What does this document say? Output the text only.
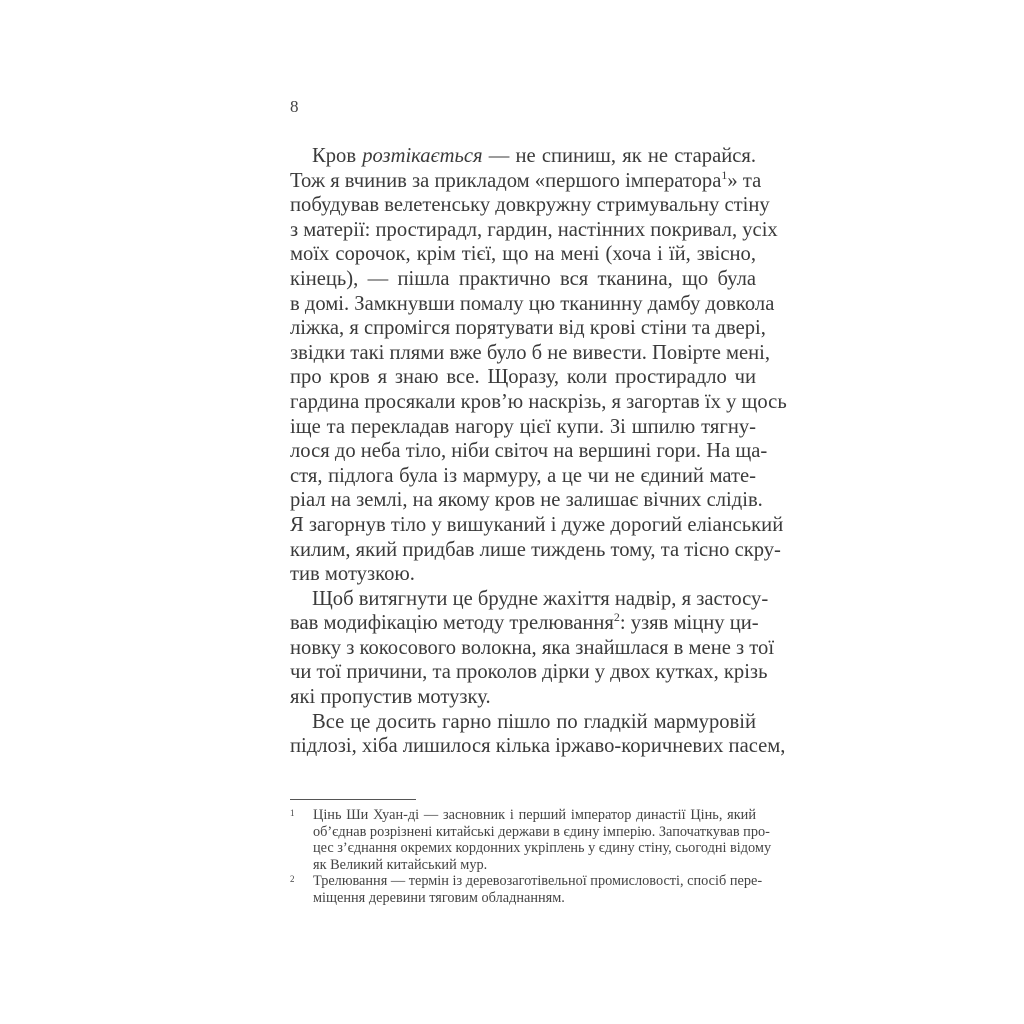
8
Кров розтікається — не спиниш, як не старайся.
Тож я вчинив за прикладом «першого імператора$^1$» та
побудував велетенську довкружну стримувальну стіну
з матерії: простирадл, гардин, настінних покривал, усіх
моїх сорочок, крім тієї, що на мені (хоча і їй, звісно,
кінець), — пішла практично вся тканина, що була
в домі. Замкнувши помалу цю тканинну дамбу довкола
ліжка, я спромігся порятувати від крові стіни та двері,
звідки такі плями вже було б не вивести. Повірте мені,
про кров я знаю все. Щоразу, коли простирадло чи
гардина просякали кров’ю наскрізь, я загортав їх у щось
іще та перекладав нагору цієї купи. Зі шпилю тягну-
лося до неба тіло, ніби світоч на вершині гори. На ща-
стя, підлога була із мармуру, а це чи не єдиний мате-
ріал на землі, на якому кров не залишає вічних слідів.
Я загорнув тіло у вишуканий і дуже дорогий еліанський
килим, який придбав лише тиждень тому, та тісно скру-
тив мотузкою.
Щоб витягнути це брудне жахіття надвір, я застосу-
вав модифікацію методу трелювання$^2$: узяв міцну ци-
новку з кокосового волокна, яка знайшлася в мене з тої
чи тої причини, та проколов дірки у двох кутках, крізь
які пропустив мотузку.
Все це досить гарно пішло по гладкій мармуровій
підлозі, хіба лишилося кілька іржаво-коричневих пасем,
1 Цінь Ши Хуан-ді — засновник і перший імператор династії Цінь, який
об’єднав розрізнені китайські держави в єдину імперію. Започаткував про-
цес з’єднання окремих кордонних укріплень у єдину стіну, сьогодні відому
як Великий китайський мур.
2 Трелювання — термін із деревозаготівельної промисловості, спосіб пере-
міщення деревини тяговим обладнанням.
